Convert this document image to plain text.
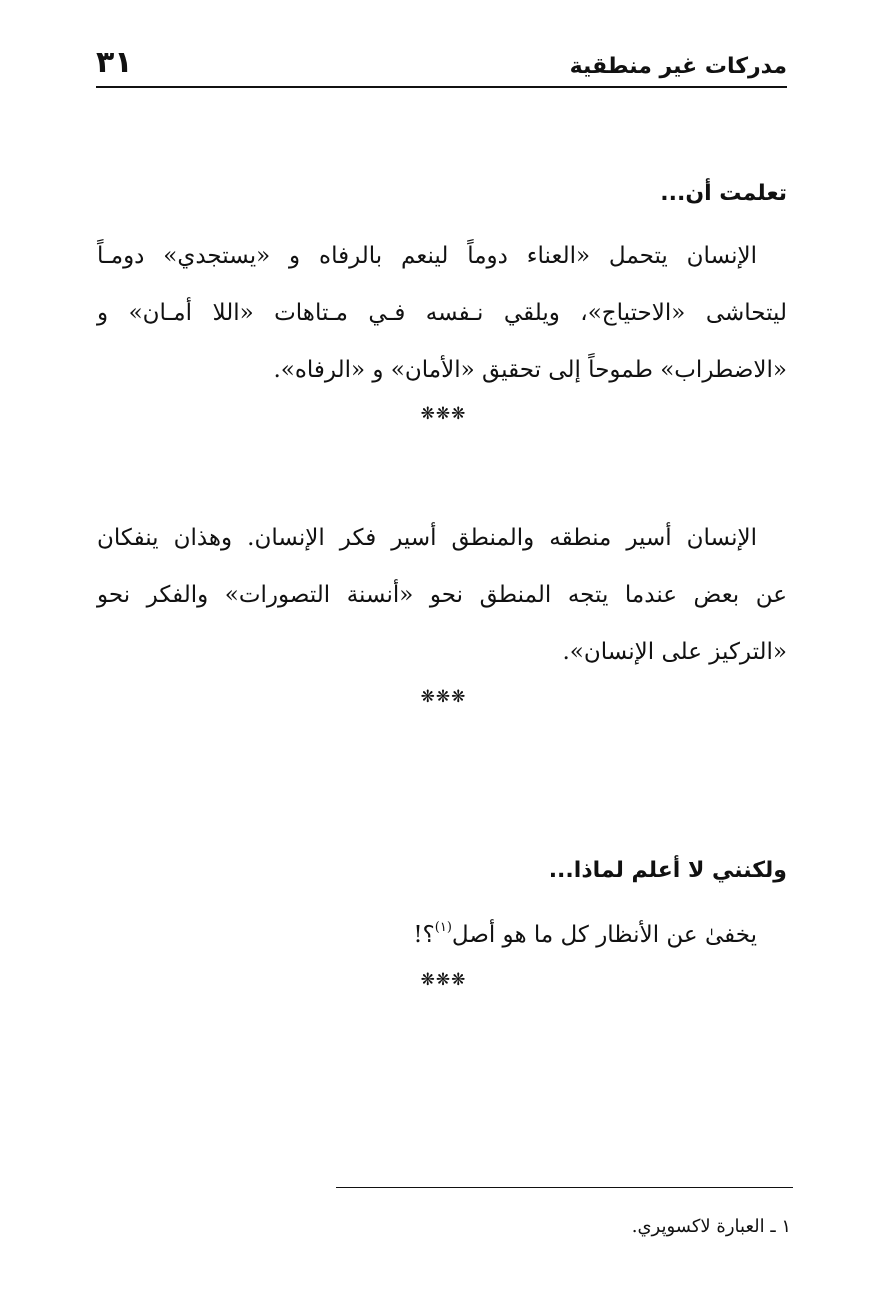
مدركات غير منطقية
٣١
تعلمت أن...
الإنسان يتحمل «العناء دوماً لينعم بالرفاه و «يستجدي» دومـاً
ليتحاشى «الاحتياج»، ويلقي نـفسه فـي مـتاهات «اللا أمـان» و
«الاضطراب» طموحاً إلى تحقيق «الأمان» و «الرفاه».
❋❋❋
الإنسان أسير منطقه والمنطق أسير فكر الإنسان. وهذان ينفكان
عن بعض عندما يتجه المنطق نحو «أنسنة التصورات» والفكر نحو
«التركيز على الإنسان».
❋❋❋
ولكنني لا أعلم لماذا...
يخفىٰ عن الأنظار كل ما هو أصل$^{(١)}$؟!
❋❋❋
١ ـ العبارة لاكسوپري.
